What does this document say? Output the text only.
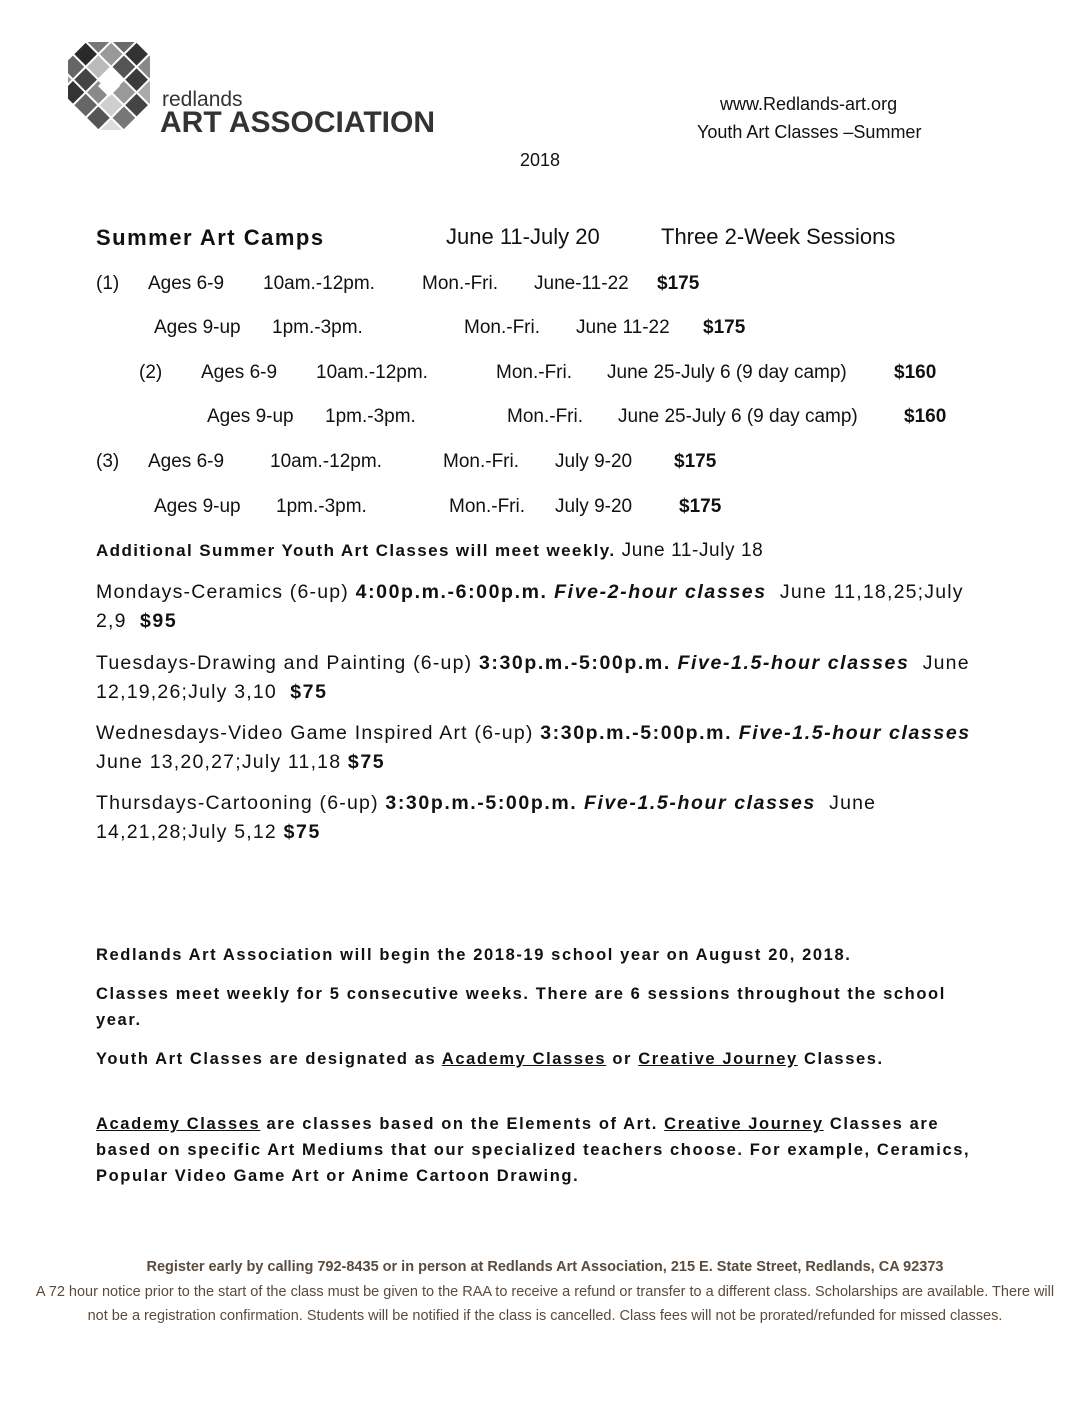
redlands
ART ASSOCIATION
www.Redlands-art.org
Youth Art Classes –Summer
2018
Summer Art Camps	June 11-July 20	Three 2-Week Sessions
(1) Ages 6-9 10am.-12pm. Mon.-Fri. June-11-22 $175
Ages 9-up 1pm.-3pm.	Mon.-Fri. June 11-22 $175
(2) Ages 6-9 10am.-12pm.	Mon.-Fri. June 25-July 6 (9 day camp) $160
Ages 9-up 1pm.-3pm.	Mon.-Fri. June 25-July 6 (9 day camp) $160
(3) Ages 6-9 10am.-12pm.	Mon.-Fri. July 9-20 $175
Ages 9-up 1pm.-3pm.	Mon.-Fri. July 9-20 $175
Additional Summer Youth Art Classes will meet weekly. June 11-July 18
Mondays-Ceramics (6-up) 4:00p.m.-6:00p.m. Five-2-hour classes June 11,18,25;July 2,9 $95
Tuesdays-Drawing and Painting (6-up) 3:30p.m.-5:00p.m. Five-1.5-hour classes June 12,19,26;July 3,10 $75
Wednesdays-Video Game Inspired Art (6-up) 3:30p.m.-5:00p.m. Five-1.5-hour classes  June 13,20,27;July 11,18 $75
Thursdays-Cartooning (6-up) 3:30p.m.-5:00p.m. Five-1.5-hour classes June 14,21,28;July 5,12 $75
Redlands Art Association will begin the 2018-19 school year on August 20, 2018.
Classes meet weekly for 5 consecutive weeks. There are 6 sessions throughout the school year.
Youth Art Classes are designated as Academy Classes or Creative Journey Classes.
Academy Classes are classes based on the Elements of Art. Creative Journey Classes are based on specific Art Mediums that our specialized teachers choose. For example, Ceramics, Popular Video Game Art or Anime Cartoon Drawing.
Register early by calling 792-8435 or in person at Redlands Art Association, 215 E. State Street, Redlands, CA 92373
A 72 hour notice prior to the start of the class must be given to the RAA to receive a refund or transfer to a different class. Scholarships are available. There will not be a registration confirmation. Students will be notified if the class is cancelled. Class fees will not be prorated/refunded for missed classes.
